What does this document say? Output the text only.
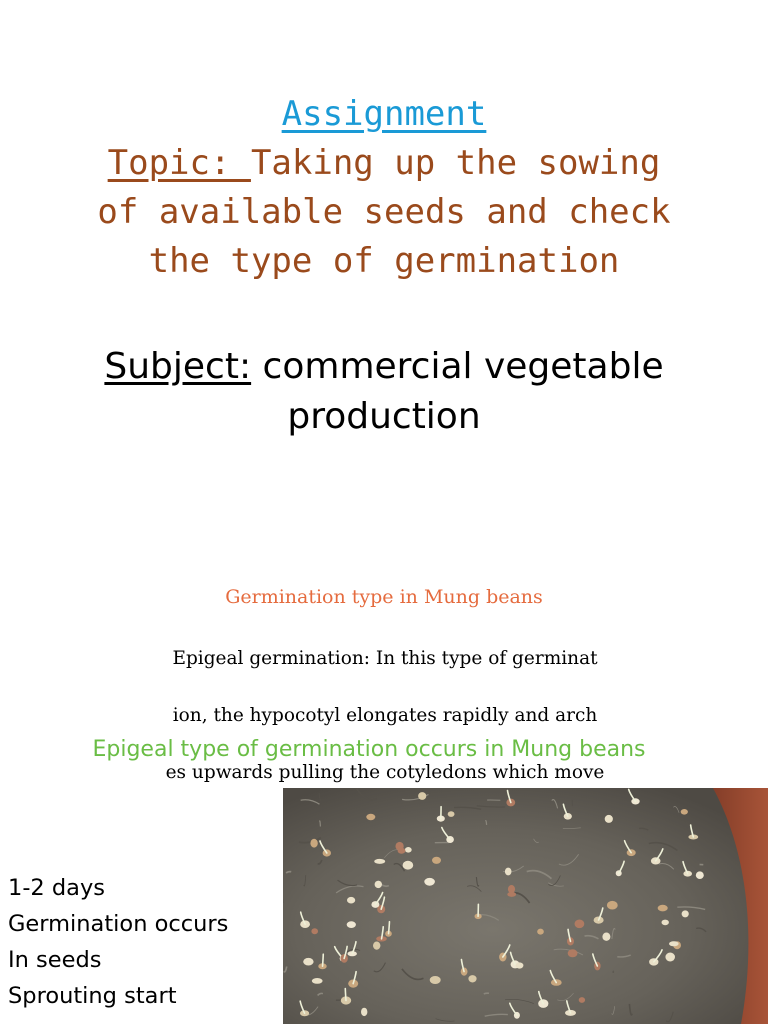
Assignment
Topic: Taking up the sowing
of available seeds and check
the type of germination
Subject: commercial vegetable
production
Germination type in Mung beans

Epigeal germination: In this type of germinat

ion, the hypocotyl elongates rapidly and arch

es upwards pulling the cotyledons which move

Epigeal type of germination occurs in Mung beans
1-2 days
Germination occurs
In seeds
Sprouting start
